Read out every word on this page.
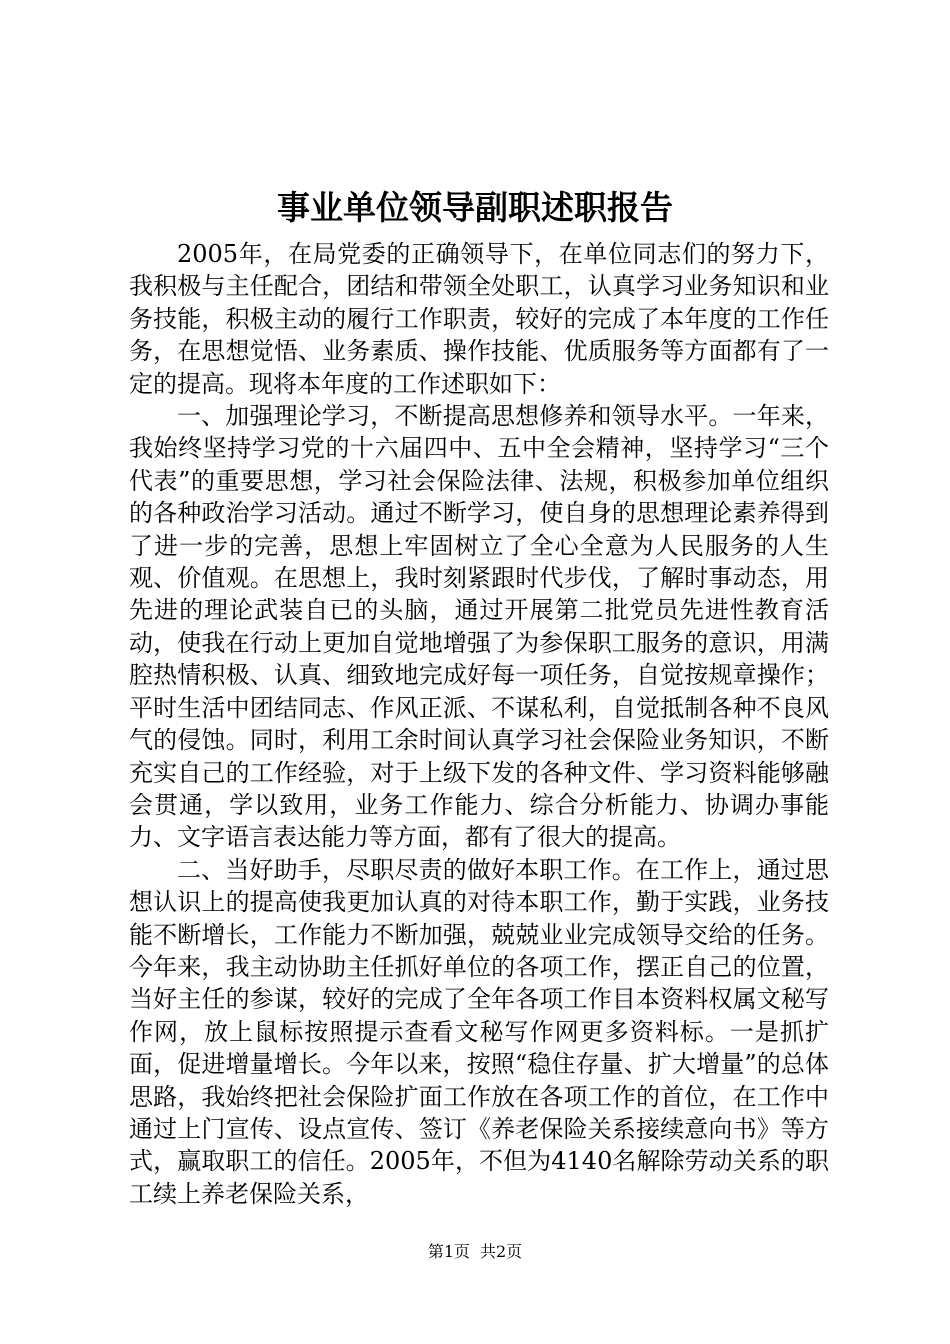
事业单位领导副职述职报告

2005年，在局党委的正确领导下，在单位同志们的努力下，我积极与主任配合，团结和带领全处职工，认真学习业务知识和业务技能，积极主动的履行工作职责，较好的完成了本年度的工作任务，在思想觉悟、业务素质、操作技能、优质服务等方面都有了一定的提高。现将本年度的工作述职如下：

一、加强理论学习，不断提高思想修养和领导水平。一年来，我始终坚持学习党的十六届四中、五中全会精神，坚持学习“三个代表”的重要思想，学习社会保险法律、法规，积极参加单位组织的各种政治学习活动。通过不断学习，使自身的思想理论素养得到了进一步的完善，思想上牢固树立了全心全意为人民服务的人生观、价值观。在思想上，我时刻紧跟时代步伐，了解时事动态，用先进的理论武装自已的头脑，通过开展第二批党员先进性教育活动，使我在行动上更加自觉地增强了为参保职工服务的意识，用满腔热情积极、认真、细致地完成好每一项任务，自觉按规章操作；平时生活中团结同志、作风正派、不谋私利，自觉抵制各种不良风气的侵蚀。同时，利用工余时间认真学习社会保险业务知识，不断充实自己的工作经验，对于上级下发的各种文件、学习资料能够融会贯通，学以致用，业务工作能力、综合分析能力、协调办事能力、文字语言表达能力等方面，都有了很大的提高。

二、当好助手，尽职尽责的做好本职工作。在工作上，通过思想认识上的提高使我更加认真的对待本职工作，勤于实践，业务技能不断增长，工作能力不断加强，兢兢业业完成领导交给的任务。今年来，我主动协助主任抓好单位的各项工作，摆正自己的位置，当好主任的参谋，较好的完成了全年各项工作目本资料权属文秘写作网，放上鼠标按照提示查看文秘写作网更多资料标。一是抓扩面，促进增量增长。今年以来，按照“稳住存量、扩大增量”的总体思路，我始终把社会保险扩面工作放在各项工作的首位，在工作中通过上门宣传、设点宣传、签订《养老保险关系接续意向书》等方式，赢取职工的信任。2005年，不但为4140名解除劳动关系的职工续上养老保险关系，

第1页 共2页
